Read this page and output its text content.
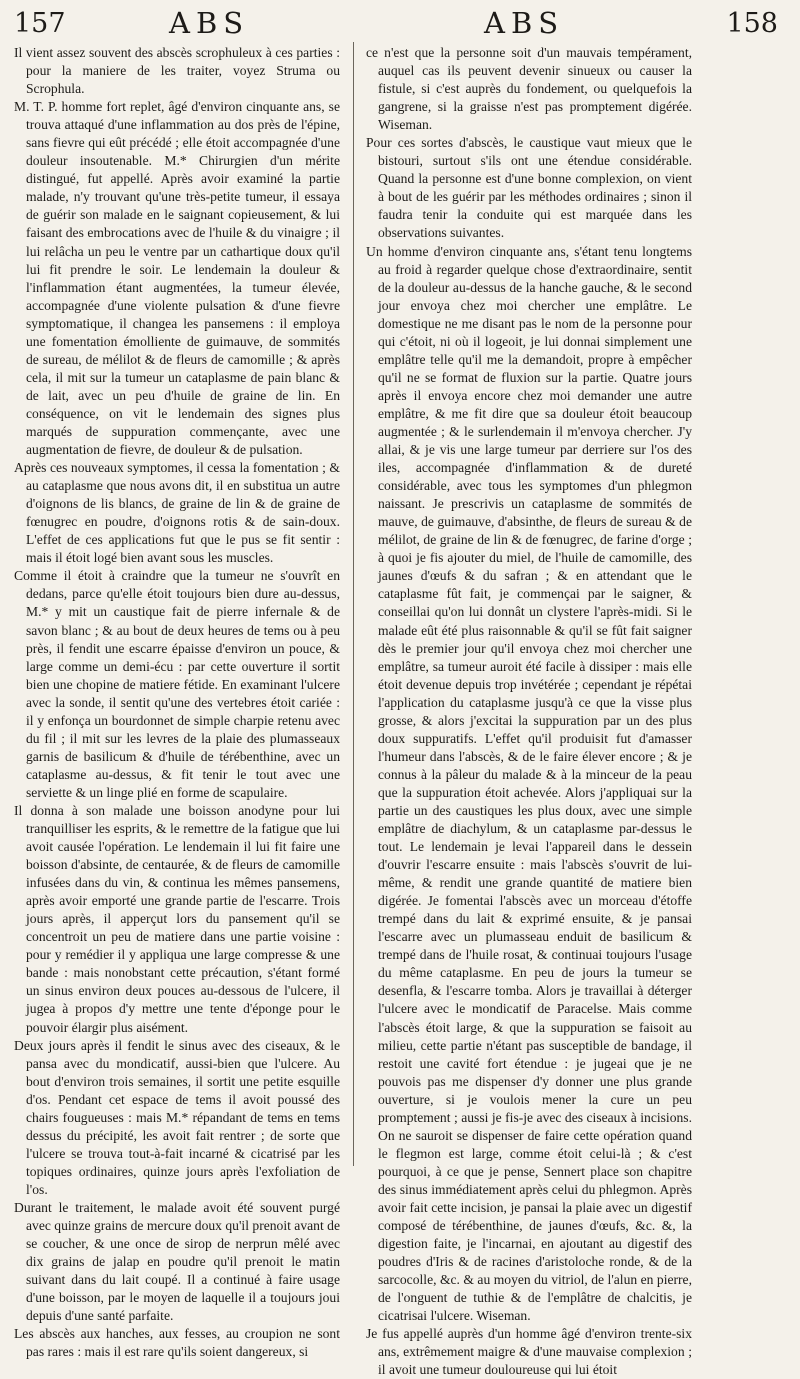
157	ABS	ABS	158

Il vient assez souvent des abscès scrophuleux à ces parties : pour la maniere de les traiter, voyez Struma ou Scrophula.

M. T. P. homme fort replet, âgé d'environ cinquante ans, se trouva attaqué d'une inflammation au dos près de l'épine, sans fievre qui eût précédé ; elle étoit accompagnée d'une douleur insoutenable. M.* Chirurgien d'un mérite distingué, fut appellé. Après avoir examiné la partie malade, n'y trouvant qu'une très-petite tumeur, il essaya de guérir son malade en le saignant copieusement, & lui faisant des embrocations avec de l'huile & du vinaigre ; il lui relâcha un peu le ventre par un cathartique doux qu'il lui fit prendre le soir. Le lendemain la douleur & l'inflammation étant augmentées, la tumeur élevée, accompagnée d'une violente pulsation & d'une fievre symptomatique, il changea les pansemens : il employa une fomentation émolliente de guimauve, de sommités de sureau, de mélilot & de fleurs de camomille ; & après cela, il mit sur la tumeur un cataplasme de pain blanc & de lait, avec un peu d'huile de graine de lin. En conséquence, on vit le lendemain des signes plus marqués de suppuration commençante, avec une augmentation de fievre, de douleur & de pulsation.

Après ces nouveaux symptomes, il cessa la fomentation ; & au cataplasme que nous avons dit, il en substitua un autre d'oignons de lis blancs, de graine de lin & de graine de fœnugrec en poudre, d'oignons rotis & de sain-doux. L'effet de ces applications fut que le pus se fit sentir : mais il étoit logé bien avant sous les muscles.

Comme il étoit à craindre que la tumeur ne s'ouvrît en dedans, parce qu'elle étoit toujours bien dure au-dessus, M.* y mit un caustique fait de pierre infernale & de savon blanc ; & au bout de deux heures de tems ou à peu près, il fendit une escarre épaisse d'environ un pouce, & large comme un demi-écu : par cette ouverture il sortit bien une chopine de matiere fétide. En examinant l'ulcere avec la sonde, il sentit qu'une des vertebres étoit cariée : il y enfonça un bourdonnet de simple charpie retenu avec du fil ; il mit sur les levres de la plaie des plumasseaux garnis de basilicum & d'huile de térébenthine, avec un cataplasme au-dessus, & fit tenir le tout avec une serviette & un linge plié en forme de scapulaire.

Il donna à son malade une boisson anodyne pour lui tranquilliser les esprits, & le remettre de la fatigue que lui avoit causée l'opération. Le lendemain il lui fit faire une boisson d'absinte, de centaurée, & de fleurs de camomille infusées dans du vin, & continua les mêmes pansemens, après avoir emporté une grande partie de l'escarre. Trois jours après, il apperçut lors du pansement qu'il se concentroit un peu de matiere dans une partie voisine : pour y remédier il y appliqua une large compresse & une bande : mais nonobstant cette précaution, s'étant formé un sinus environ deux pouces au-dessous de l'ulcere, il jugea à propos d'y mettre une tente d'éponge pour le pouvoir élargir plus aisément.

Deux jours après il fendit le sinus avec des ciseaux, & le pansa avec du mondicatif, aussi-bien que l'ulcere. Au bout d'environ trois semaines, il sortit une petite esquille d'os. Pendant cet espace de tems il avoit poussé des chairs fougueuses : mais M.* répandant de tems en tems dessus du précipité, les avoit fait rentrer ; de sorte que l'ulcere se trouva tout-à-fait incarné & cicatrisé par les topiques ordinaires, quinze jours après l'exfoliation de l'os.

Durant le traitement, le malade avoit été souvent purgé avec quinze grains de mercure doux qu'il prenoit avant de se coucher, & une once de sirop de nerprun mêlé avec dix grains de jalap en poudre qu'il prenoit le matin suivant dans du lait coupé. Il a continué à faire usage d'une boisson, par le moyen de laquelle il a toujours joui depuis d'une santé parfaite.

Les abscès aux hanches, aux fesses, au croupion ne sont pas rares : mais il est rare qu'ils soient dangereux, si

ce n'est que la personne soit d'un mauvais tempérament, auquel cas ils peuvent devenir sinueux ou causer la fistule, si c'est auprès du fondement, ou quelquefois la gangrene, si la graisse n'est pas promptement digérée. Wiseman.

Pour ces sortes d'abscès, le caustique vaut mieux que le bistouri, surtout s'ils ont une étendue considérable. Quand la personne est d'une bonne complexion, on vient à bout de les guérir par les méthodes ordinaires ; sinon il faudra tenir la conduite qui est marquée dans les observations suivantes.

Un homme d'environ cinquante ans, s'étant tenu longtems au froid à regarder quelque chose d'extraordinaire, sentit de la douleur au-dessus de la hanche gauche, & le second jour envoya chez moi chercher une emplâtre. Le domestique ne me disant pas le nom de la personne pour qui c'étoit, ni où il logeoit, je lui donnai simplement une emplâtre telle qu'il me la demandoit, propre à empêcher qu'il ne se format de fluxion sur la partie. Quatre jours après il envoya encore chez moi demander une autre emplâtre, & me fit dire que sa douleur étoit beaucoup augmentée ; & le surlendemain il m'envoya chercher. J'y allai, & je vis une large tumeur par derriere sur l'os des iles, accompagnée d'inflammation & de dureté considérable, avec tous les symptomes d'un phlegmon naissant. Je prescrivis un cataplasme de sommités de mauve, de guimauve, d'absinthe, de fleurs de sureau & de mélilot, de graine de lin & de fœnugrec, de farine d'orge ; à quoi je fis ajouter du miel, de l'huile de camomille, des jaunes d'œufs & du safran ; & en attendant que le cataplasme fût fait, je commençai par le saigner, & conseillai qu'on lui donnât un clystere l'après-midi. Si le malade eût été plus raisonnable & qu'il se fût fait saigner dès le premier jour qu'il envoya chez moi chercher une emplâtre, sa tumeur auroit été facile à dissiper : mais elle étoit devenue depuis trop invétérée ; cependant je répétai l'application du cataplasme jusqu'à ce que la visse plus grosse, & alors j'excitai la suppuration par un des plus doux suppuratifs. L'effet qu'il produisit fut d'amasser l'humeur dans l'abscès, & de le faire élever encore ; & je connus à la pâleur du malade & à la minceur de la peau que la suppuration étoit achevée. Alors j'appliquai sur la partie un des caustiques les plus doux, avec une simple emplâtre de diachylum, & un cataplasme par-dessus le tout. Le lendemain je levai l'appareil dans le dessein d'ouvrir l'escarre ensuite : mais l'abscès s'ouvrit de lui-même, & rendit une grande quantité de matiere bien digérée. Je fomentai l'abscès avec un morceau d'étoffe trempé dans du lait & exprimé ensuite, & je pansai l'escarre avec un plumasseau enduit de basilicum & trempé dans de l'huile rosat, & continuai toujours l'usage du même cataplasme. En peu de jours la tumeur se desenfla, & l'escarre tomba. Alors je travaillai à déterger l'ulcere avec le mondicatif de Paracelse. Mais comme l'abscès étoit large, & que la suppuration se faisoit au milieu, cette partie n'étant pas susceptible de bandage, il restoit une cavité fort étendue : je jugeai que je ne pouvois pas me dispenser d'y donner une plus grande ouverture, si je voulois mener la cure un peu promptement ; aussi je fis-je avec des ciseaux à incisions. On ne sauroit se dispenser de faire cette opération quand le flegmon est large, comme étoit celui-là ; & c'est pourquoi, à ce que je pense, Sennert place son chapitre des sinus immédiatement après celui du phlegmon. Après avoir fait cette incision, je pansai la plaie avec un digestif composé de térébenthine, de jaunes d'œufs, &c. &, la digestion faite, je l'incarnai, en ajoutant au digestif des poudres d'Iris & de racines d'aristoloche ronde, & de la sarcocolle, &c. & au moyen du vitriol, de l'alun en pierre, de l'onguent de tuthie & de l'emplâtre de chalcitis, je cicatrisai l'ulcere. Wiseman.

Je fus appellé auprès d'un homme âgé d'environ trente-six ans, extrêmement maigre & d'une mauvaise complexion ; il avoit une tumeur douloureuse qui lui étoit
